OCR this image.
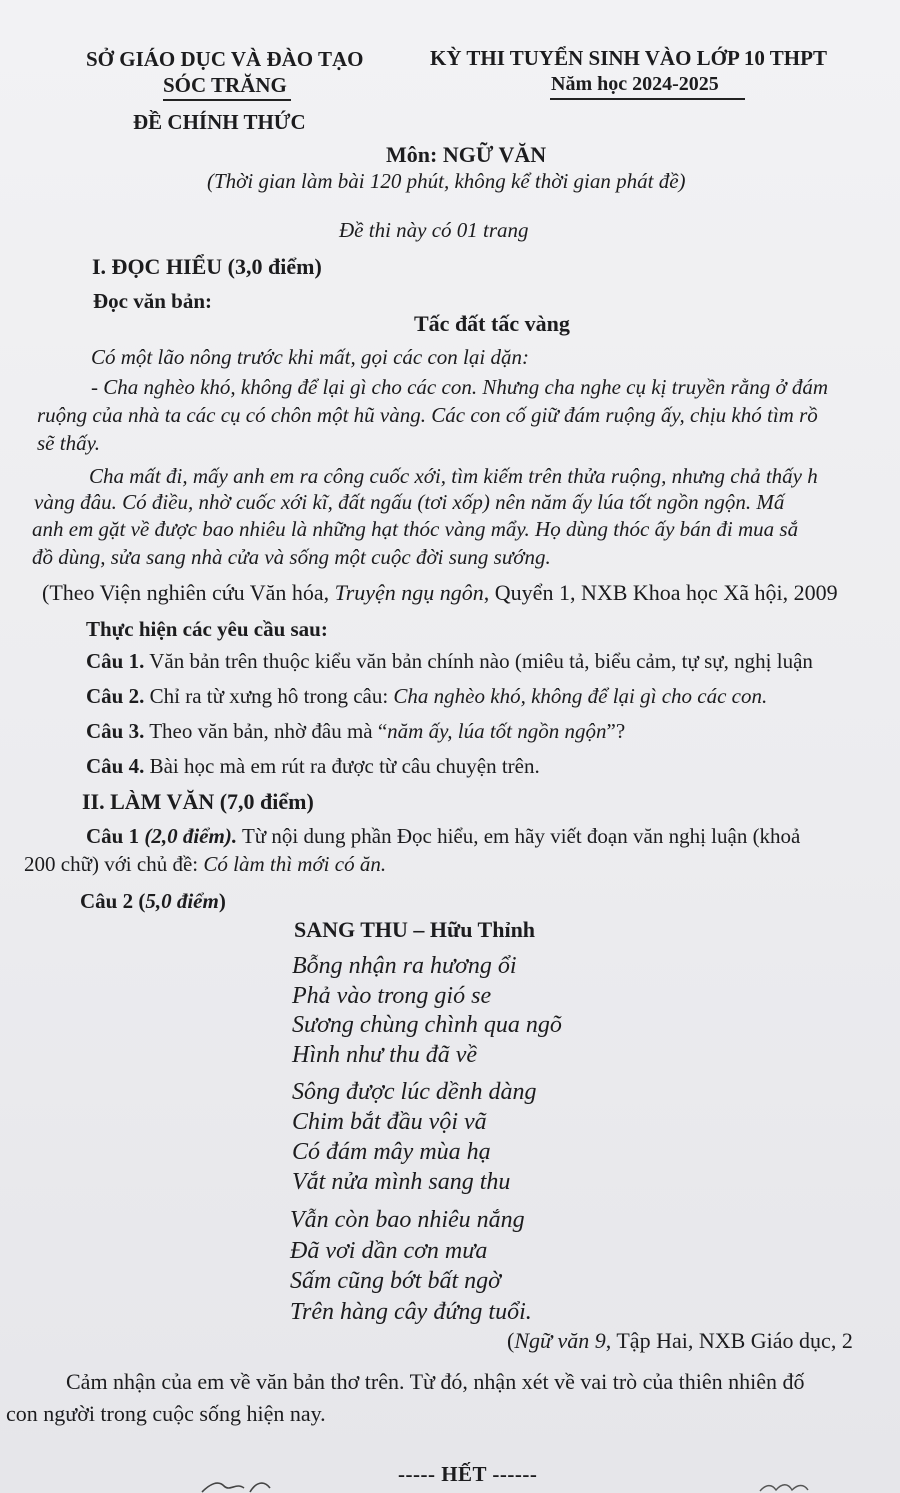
SỞ GIÁO DỤC VÀ ĐÀO TẠO
SÓC TRĂNG
ĐỀ CHÍNH THỨC
KỲ THI TUYỂN SINH VÀO LỚP 10 THPT
Năm học 2024-2025
Môn: NGỮ VĂN
(Thời gian làm bài 120 phút, không kể thời gian phát đề)
Đề thi này có 01 trang
I. ĐỌC HIỂU (3,0 điểm)
Đọc văn bản:
Tấc đất tấc vàng
Có một lão nông trước khi mất, gọi các con lại dặn:
- Cha nghèo khó, không để lại gì cho các con. Nhưng cha nghe cụ kị truyền rằng ở đám
ruộng của nhà ta các cụ có chôn một hũ vàng. Các con cố giữ đám ruộng ấy, chịu khó tìm rồ
sẽ thấy.
Cha mất đi, mấy anh em ra công cuốc xới, tìm kiếm trên thửa ruộng, nhưng chả thấy h
vàng đâu. Có điều, nhờ cuốc xới kĩ, đất ngấu (tơi xốp) nên năm ấy lúa tốt ngồn ngộn. Mấ
anh em gặt về được bao nhiêu là những hạt thóc vàng mẩy. Họ dùng thóc ấy bán đi mua sắ
đồ dùng, sửa sang nhà cửa và sống một cuộc đời sung sướng.
(Theo Viện nghiên cứu Văn hóa, Truyện ngụ ngôn, Quyển 1, NXB Khoa học Xã hội, 2009
Thực hiện các yêu cầu sau:
Câu 1. Văn bản trên thuộc kiểu văn bản chính nào (miêu tả, biểu cảm, tự sự, nghị luận
Câu 2. Chỉ ra từ xưng hô trong câu: Cha nghèo khó, không để lại gì cho các con.
Câu 3. Theo văn bản, nhờ đâu mà “năm ấy, lúa tốt ngồn ngộn”?
Câu 4. Bài học mà em rút ra được từ câu chuyện trên.
II. LÀM VĂN (7,0 điểm)
Câu 1 (2,0 điểm). Từ nội dung phần Đọc hiểu, em hãy viết đoạn văn nghị luận (khoả
200 chữ) với chủ đề: Có làm thì mới có ăn.
Câu 2 (5,0 điểm)
SANG THU – Hữu Thỉnh
Bỗng nhận ra hương ổi
Phả vào trong gió se
Sương chùng chình qua ngõ
Hình như thu đã về
Sông được lúc dềnh dàng
Chim bắt đầu vội vã
Có đám mây mùa hạ
Vắt nửa mình sang thu
Vẫn còn bao nhiêu nắng
Đã vơi dần cơn mưa
Sấm cũng bớt bất ngờ
Trên hàng cây đứng tuổi.
(Ngữ văn 9, Tập Hai, NXB Giáo dục, 2
Cảm nhận của em về văn bản thơ trên. Từ đó, nhận xét về vai trò của thiên nhiên đố
con người trong cuộc sống hiện nay.
----- HẾT ------
